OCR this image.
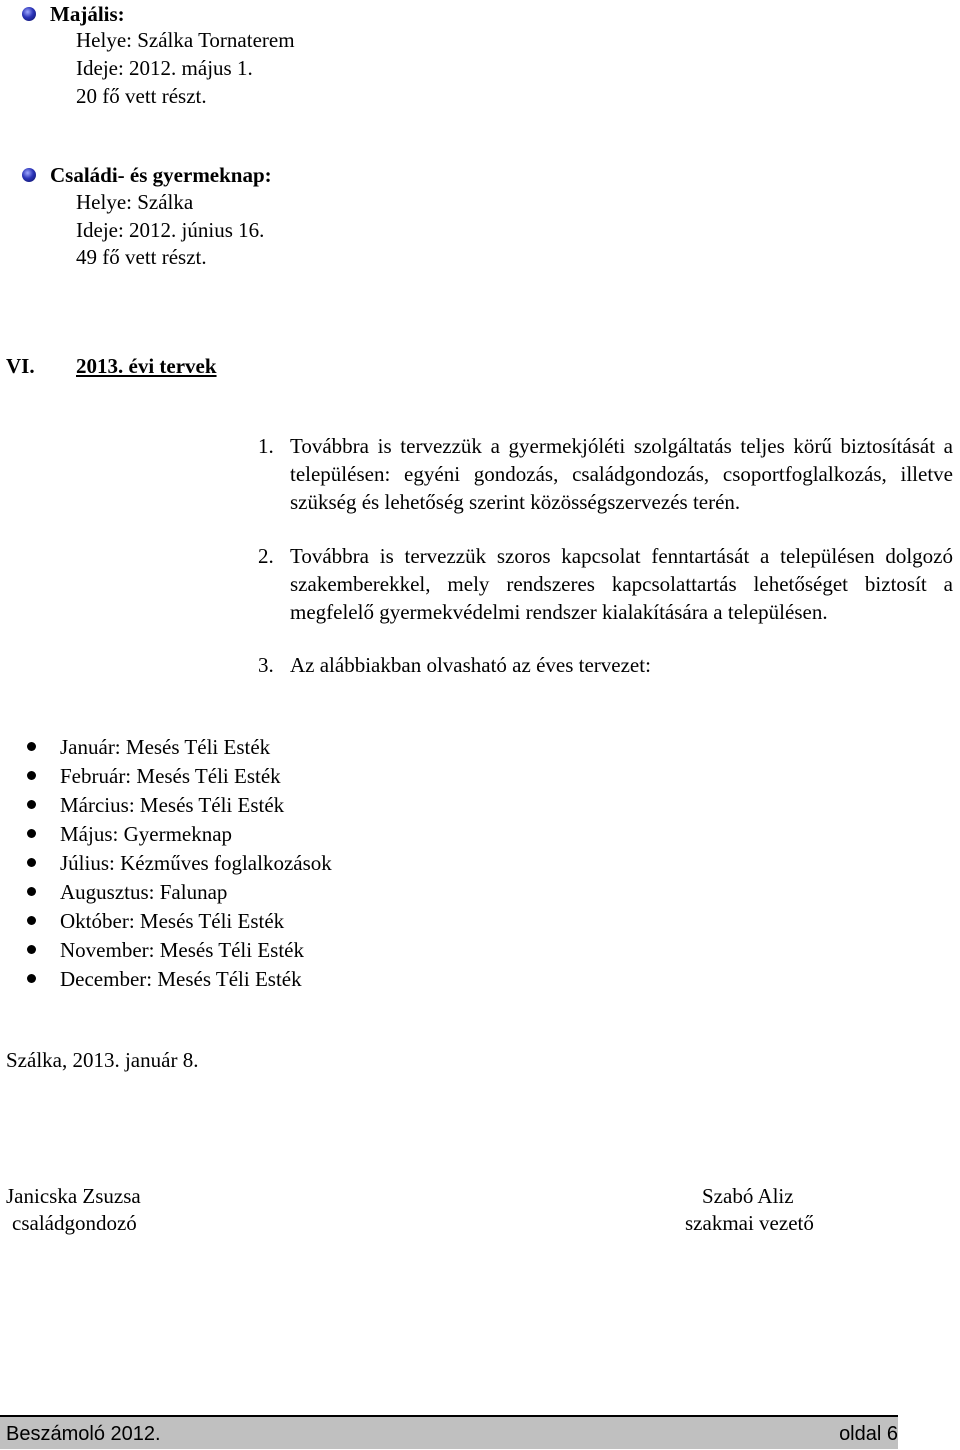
Majális:
Helye: Szálka Tornaterem
Ideje: 2012. május 1.
20 fő vett részt.
Családi- és gyermeknap:
Helye: Szálka
Ideje: 2012. június 16.
49 fő vett részt.
VI. 2013. évi tervek
1. Továbbra is tervezzük a gyermekjóléti szolgáltatás teljes körű biztosítását a településen: egyéni gondozás, családgondozás, csoportfoglalkozás, illetve szükség és lehetőség szerint közösségszervezés terén.
2. Továbbra is tervezzük szoros kapcsolat fenntartását a településen dolgozó szakemberekkel, mely rendszeres kapcsolattartás lehetőséget biztosít a megfelelő gyermekvédelmi rendszer kialakítására a településen.
3. Az alábbiakban olvasható az éves tervezet:
Január: Mesés Téli Esték
Február: Mesés Téli Esték
Március: Mesés Téli Esték
Május: Gyermeknap
Július: Kézműves foglalkozások
Augusztus: Falunap
Október: Mesés Téli Esték
November: Mesés Téli Esték
December: Mesés Téli Esték
Szálka, 2013. január 8.
Janicska Zsuzsa
családgondozó
Szabó Aliz
szakmai vezető
Beszámoló 2012.	oldal 6
